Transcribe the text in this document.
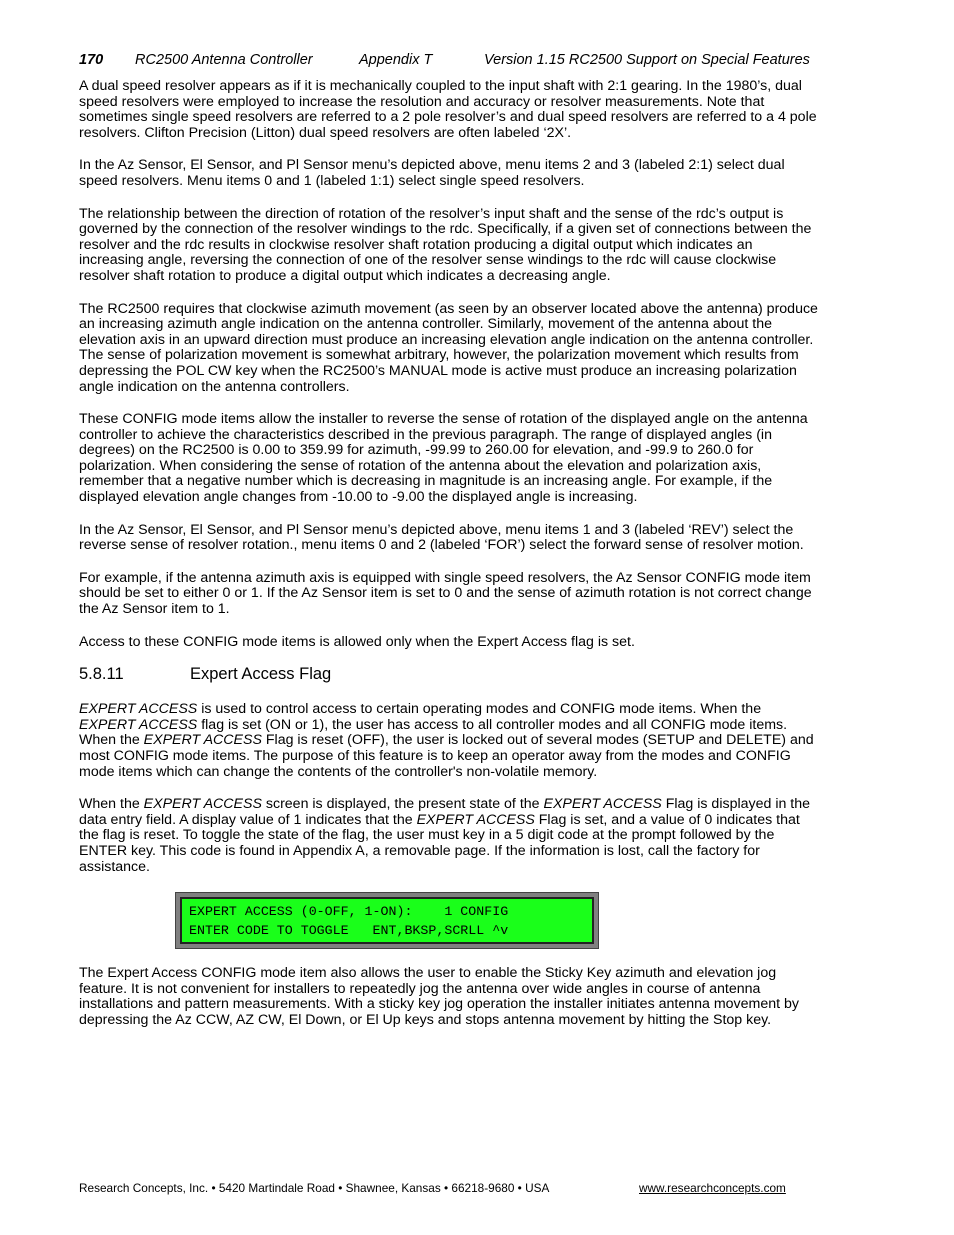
170 RC2500 Antenna Controller	Appendix T	Version 1.15 RC2500 Support on Special Features

A dual speed resolver appears as if it is mechanically coupled to the input shaft with 2:1 gearing. In the 1980’s, dual speed resolvers were employed to increase the resolution and accuracy or resolver measurements. Note that sometimes single speed resolvers are referred to a 2 pole resolver’s and dual speed resolvers are referred to a 4 pole resolvers. Clifton Precision (Litton) dual speed resolvers are often labeled ‘2X’.

In the Az Sensor, El Sensor, and Pl Sensor menu’s depicted above, menu items 2 and 3 (labeled 2:1) select dual speed resolvers. Menu items 0 and 1 (labeled 1:1) select single speed resolvers.

The relationship between the direction of rotation of the resolver’s input shaft and the sense of the rdc’s output is governed by the connection of the resolver windings to the rdc. Specifically, if a given set of connections between the resolver and the rdc results in clockwise resolver shaft rotation producing a digital output which indicates an increasing angle, reversing the connection of one of the resolver sense windings to the rdc will cause clockwise resolver shaft rotation to produce a digital output which indicates a decreasing angle.

The RC2500 requires that clockwise azimuth movement (as seen by an observer located above the antenna) produce an increasing azimuth angle indication on the antenna controller. Similarly, movement of the antenna about the elevation axis in an upward direction must produce an increasing elevation angle indication on the antenna controller. The sense of polarization movement is somewhat arbitrary, however, the polarization movement which results from depressing the POL CW key when the RC2500’s MANUAL mode is active must produce an increasing polarization angle indication on the antenna controllers.

These CONFIG mode items allow the installer to reverse the sense of rotation of the displayed angle on the antenna controller to achieve the characteristics described in the previous paragraph. The range of displayed angles (in degrees) on the RC2500 is 0.00 to 359.99 for azimuth, -99.99 to 260.00 for elevation, and -99.9 to 260.0 for polarization. When considering the sense of rotation of the antenna about the elevation and polarization axis, remember that a negative number which is decreasing in magnitude is an increasing angle. For example, if the displayed elevation angle changes from -10.00 to -9.00 the displayed angle is increasing.

In the Az Sensor, El Sensor, and Pl Sensor menu’s depicted above, menu items 1 and 3 (labeled ‘REV’) select the reverse sense of resolver rotation., menu items 0 and 2 (labeled ‘FOR’) select the forward sense of resolver motion.

For example, if the antenna azimuth axis is equipped with single speed resolvers, the Az Sensor CONFIG mode item should be set to either 0 or 1. If the Az Sensor item is set to 0 and the sense of azimuth rotation is not correct change the Az Sensor item to 1.

Access to these CONFIG mode items is allowed only when the Expert Access flag is set.

5.8.11	Expert Access Flag

EXPERT ACCESS is used to control access to certain operating modes and CONFIG mode items. When the EXPERT ACCESS flag is set (ON or 1), the user has access to all controller modes and all CONFIG mode items. When the EXPERT ACCESS Flag is reset (OFF), the user is locked out of several modes (SETUP and DELETE) and most CONFIG mode items. The purpose of this feature is to keep an operator away from the modes and CONFIG mode items which can change the contents of the controller's non-volatile memory.

When the EXPERT ACCESS screen is displayed, the present state of the EXPERT ACCESS Flag is displayed in the data entry field. A display value of 1 indicates that the EXPERT ACCESS Flag is set, and a value of 0 indicates that the flag is reset. To toggle the state of the flag, the user must key in a 5 digit code at the prompt followed by the ENTER key. This code is found in Appendix A, a removable page. If the information is lost, call the factory for assistance.

EXPERT ACCESS (0-OFF, 1-ON):    1 CONFIG
ENTER CODE TO TOGGLE   ENT,BKSP,SCRLL ^v

The Expert Access CONFIG mode item also allows the user to enable the Sticky Key azimuth and elevation jog feature. It is not convenient for installers to repeatedly jog the antenna over wide angles in course of antenna installations and pattern measurements. With a sticky key jog operation the installer initiates antenna movement by depressing the Az CCW, AZ CW, El Down, or El Up keys and stops antenna movement by hitting the Stop key.

Research Concepts, Inc. • 5420 Martindale Road • Shawnee, Kansas • 66218-9680 • USA	www.researchconcepts.com
